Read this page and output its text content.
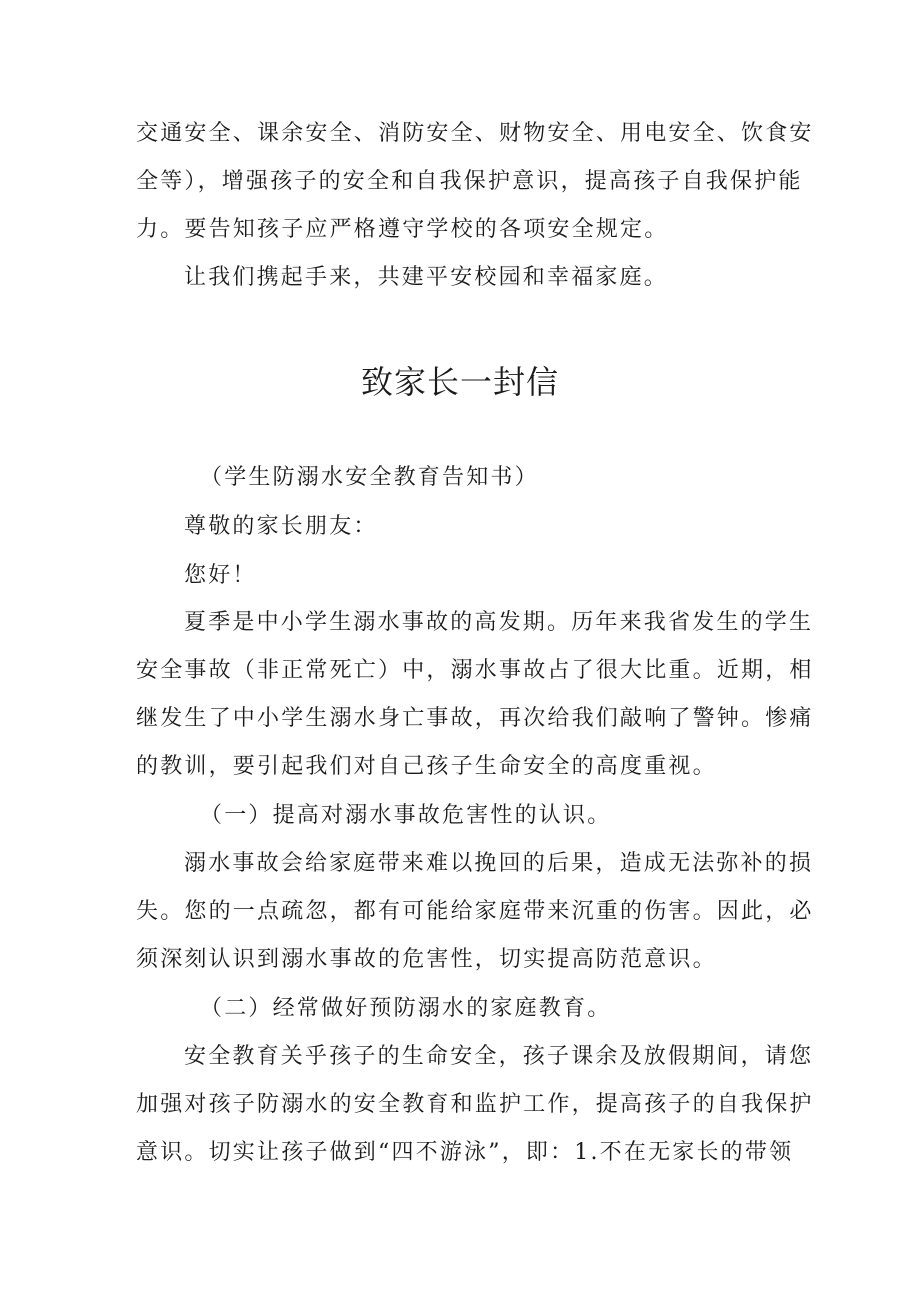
交通安全、课余安全、消防安全、财物安全、用电安全、饮食安
全等），增强孩子的安全和自我保护意识，提高孩子自我保护能
力。要告知孩子应严格遵守学校的各项安全规定。
让我们携起手来，共建平安校园和幸福家庭。
致家长一封信
（学生防溺水安全教育告知书）
尊敬的家长朋友：
您好！
夏季是中小学生溺水事故的高发期。历年来我省发生的学生
安全事故（非正常死亡）中，溺水事故占了很大比重。近期，相
继发生了中小学生溺水身亡事故，再次给我们敲响了警钟。惨痛
的教训，要引起我们对自己孩子生命安全的高度重视。
（一）提高对溺水事故危害性的认识。
溺水事故会给家庭带来难以挽回的后果，造成无法弥补的损
失。您的一点疏忽，都有可能给家庭带来沉重的伤害。因此，必
须深刻认识到溺水事故的危害性，切实提高防范意识。
（二）经常做好预防溺水的家庭教育。
安全教育关乎孩子的生命安全，孩子课余及放假期间，请您
加强对孩子防溺水的安全教育和监护工作，提高孩子的自我保护
意识。切实让孩子做到“四不游泳”，即：1.不在无家长的带领
